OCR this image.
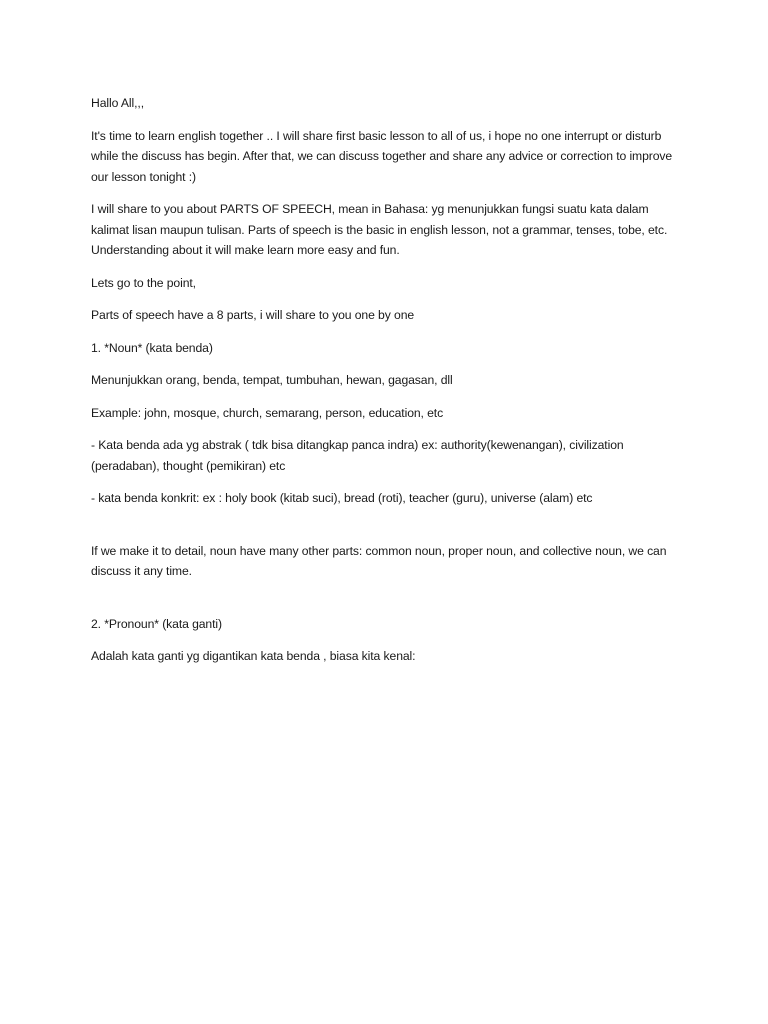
Hallo All,,,

It's time to learn english together .. I will share first basic lesson to all of us, i hope no one interrupt or disturb while the discuss has begin. After that, we can discuss together and share any advice or correction to improve our lesson tonight :)

I will share to you about PARTS OF SPEECH, mean in Bahasa: yg menunjukkan fungsi suatu kata dalam kalimat lisan maupun tulisan. Parts of speech is the basic in english lesson, not a grammar, tenses, tobe, etc. Understanding about it will make learn more easy and fun.

Lets go to the point,

Parts of speech have a 8 parts, i will share to you one by one

1. *Noun* (kata benda)

Menunjukkan orang, benda, tempat, tumbuhan, hewan, gagasan, dll

Example: john, mosque, church, semarang, person, education, etc

- Kata benda ada yg abstrak ( tdk bisa ditangkap panca indra) ex: authority(kewenangan), civilization (peradaban), thought (pemikiran) etc

- kata benda konkrit: ex : holy book (kitab suci), bread (roti), teacher (guru), universe (alam) etc

If we make it to detail, noun have many other parts: common noun, proper noun, and collective noun, we can discuss it any time.

2. *Pronoun* (kata ganti)

Adalah kata ganti yg digantikan kata benda , biasa kita kenal:
